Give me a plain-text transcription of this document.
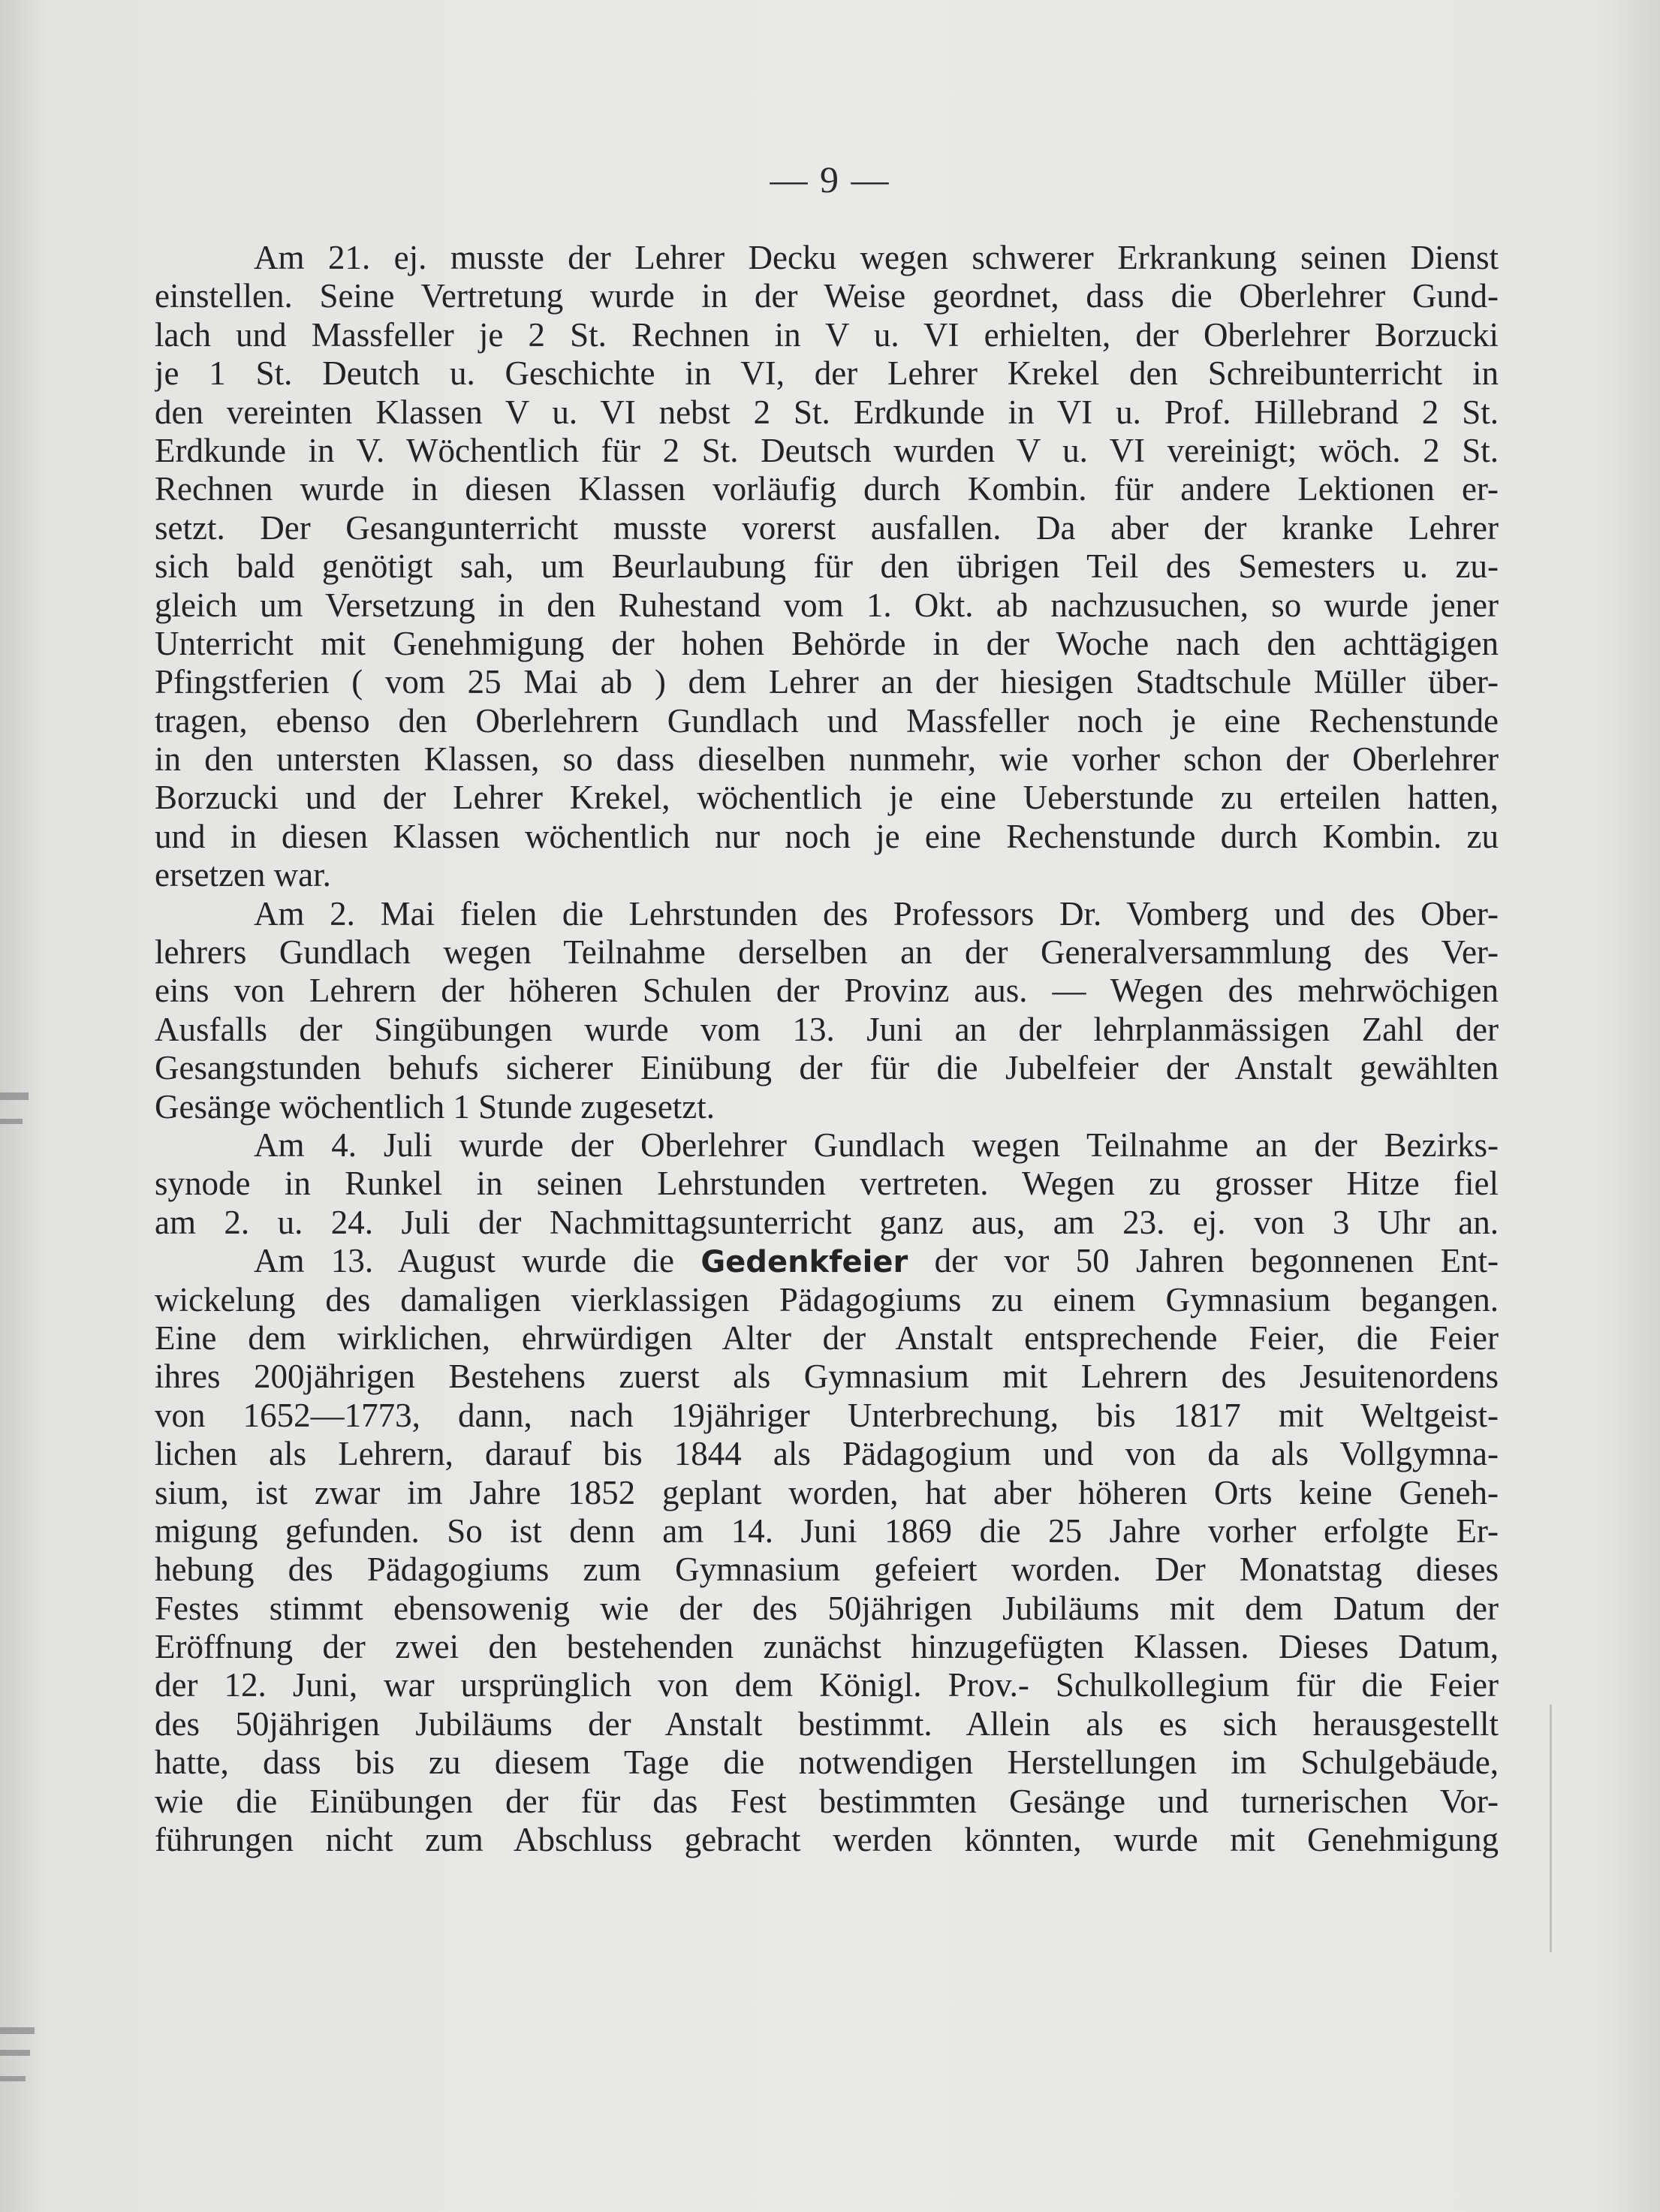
— 9 —
Am 21. ej. musste der Lehrer Decku wegen schwerer Erkrankung seinen Dienst
einstellen. Seine Vertretung wurde in der Weise geordnet, dass die Oberlehrer Gund-
lach und Massfeller je 2 St. Rechnen in V u. VI erhielten, der Oberlehrer Borzucki
je 1 St. Deutch u. Geschichte in VI, der Lehrer Krekel den Schreibunterricht in
den vereinten Klassen V u. VI nebst 2 St. Erdkunde in VI u. Prof. Hillebrand 2 St.
Erdkunde in V. Wöchentlich für 2 St. Deutsch wurden V u. VI vereinigt; wöch. 2 St.
Rechnen wurde in diesen Klassen vorläufig durch Kombin. für andere Lektionen er-
setzt. Der Gesangunterricht musste vorerst ausfallen. Da aber der kranke Lehrer
sich bald genötigt sah, um Beurlaubung für den übrigen Teil des Semesters u. zu-
gleich um Versetzung in den Ruhestand vom 1. Okt. ab nachzusuchen, so wurde jener
Unterricht mit Genehmigung der hohen Behörde in der Woche nach den achttägigen
Pfingstferien ( vom 25 Mai ab ) dem Lehrer an der hiesigen Stadtschule Müller über-
tragen, ebenso den Oberlehrern Gundlach und Massfeller noch je eine Rechenstunde
in den untersten Klassen, so dass dieselben nunmehr, wie vorher schon der Oberlehrer
Borzucki und der Lehrer Krekel, wöchentlich je eine Ueberstunde zu erteilen hatten,
und in diesen Klassen wöchentlich nur noch je eine Rechenstunde durch Kombin. zu
ersetzen war.
Am 2. Mai fielen die Lehrstunden des Professors Dr. Vomberg und des Ober-
lehrers Gundlach wegen Teilnahme derselben an der Generalversammlung des Ver-
eins von Lehrern der höheren Schulen der Provinz aus. — Wegen des mehrwöchigen
Ausfalls der Singübungen wurde vom 13. Juni an der lehrplanmässigen Zahl der
Gesangstunden behufs sicherer Einübung der für die Jubelfeier der Anstalt gewählten
Gesänge wöchentlich 1 Stunde zugesetzt.
Am 4. Juli wurde der Oberlehrer Gundlach wegen Teilnahme an der Bezirks-
synode in Runkel in seinen Lehrstunden vertreten. Wegen zu grosser Hitze fiel
am 2. u. 24. Juli der Nachmittagsunterricht ganz aus, am 23. ej. von 3 Uhr an.
Am 13. August wurde die Gedenkfeier der vor 50 Jahren begonnenen Ent-
wickelung des damaligen vierklassigen Pädagogiums zu einem Gymnasium begangen.
Eine dem wirklichen, ehrwürdigen Alter der Anstalt entsprechende Feier, die Feier
ihres 200jährigen Bestehens zuerst als Gymnasium mit Lehrern des Jesuitenordens
von 1652—1773, dann, nach 19jähriger Unterbrechung, bis 1817 mit Weltgeist-
lichen als Lehrern, darauf bis 1844 als Pädagogium und von da als Vollgymna-
sium, ist zwar im Jahre 1852 geplant worden, hat aber höheren Orts keine Geneh-
migung gefunden. So ist denn am 14. Juni 1869 die 25 Jahre vorher erfolgte Er-
hebung des Pädagogiums zum Gymnasium gefeiert worden. Der Monatstag dieses
Festes stimmt ebensowenig wie der des 50jährigen Jubiläums mit dem Datum der
Eröffnung der zwei den bestehenden zunächst hinzugefügten Klassen. Dieses Datum,
der 12. Juni, war ursprünglich von dem Königl. Prov.- Schulkollegium für die Feier
des 50jährigen Jubiläums der Anstalt bestimmt. Allein als es sich herausgestellt
hatte, dass bis zu diesem Tage die notwendigen Herstellungen im Schulgebäude,
wie die Einübungen der für das Fest bestimmten Gesänge und turnerischen Vor-
führungen nicht zum Abschluss gebracht werden könnten, wurde mit Genehmigung
